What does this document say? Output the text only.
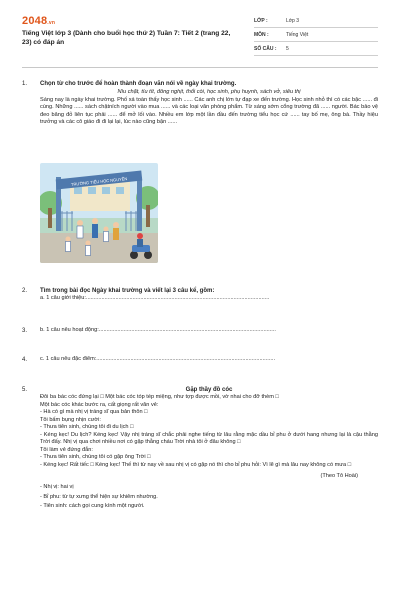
2048.vn
Tiếng Việt lớp 3 (Dành cho buổi học thứ 2) Tuần 7: Tiết 2 (trang 22, 23) có đáp án
LỚP :	Lớp 3
MÔN :	Tiếng Việt
SỐ CÂU :	5
1. Chọn từ cho trước để hoàn thành đoạn văn nói về ngày khai trường.
Nìu chặt, tíu tít, đông nghịt, thổi còi, học sinh, phụ huynh, sách vở, siêu thị
Sáng nay là ngày khai trường. Phố xá toàn thấy học sinh ...... Các anh chị lớn tự đạp xe đến trường. Học sinh nhỏ thì có các bậc ...... đi cùng. Những ...... sách chậtních người vào mua ...... và các loại văn phòng phẩm. Từ sáng sớm cổng trường đã ...... người. Bác bảo vệ đeo băng đỏ liên tục phải ...... để mở lối vào. Nhiều em lớp một lần đầu đến trường tiểu học cứ ...... tay bố mẹ, ông bà. Thầy hiệu trưởng và các cô giáo đi đi lại lại, lúc nào cũng bận ......
TRƯỜNG TIỂU HỌC NGUYỄN
2. Tìm trong bài đọc Ngày khai trường và viết lại 3 câu kể, gồm:
a. 1 câu giới thiệu:......................................................................................................................
3. b. 1 câu nêu hoạt động:..................................................................................................................
4. c. 1 câu nêu đặc điểm:...................................................................................................................
5.	Gặp thầy đồ cóc
Đôi ba bác cóc đứng lại □ Một bác cóc tóp tép miệng, như tợp được mồi, vờ nhai cho đỡ thèm □
Một bác cóc khác bước ra, cất giọng rất văn vẻ:
- Hà có gì mà nhị vị tráng sĩ qua bản thôn □
Tôi bấm bụng nhịn cười:
- Thưa tiên sinh, chúng tôi đi du lịch □
- Kéng kẹc! Du lịch? Kéng kẹc! Vậy nhị tráng sĩ chắc phải nghe tiếng từ lâu rằng mặc dầu bỉ phu ở dưới hang nhưng lại là cậu thằng Trời đấy. Nhị vị qua chơi nhiều nơi có gặp thằng cháu Trời nhà tôi ở đâu không □
Tôi làm vẻ đứng đắn:
- Thưa tiên sinh, chúng tôi có gặp ông Trời □
- Kéng kẹc! Rất tiếc □ Kéng kẹc! Thế thì từ nay về sau nhị vị có gặp nó thì cho bỉ phu hỏi: Vì lẽ gì mà lâu nay không có mưa □
(Theo Tô Hoài)
- Nhị vị: hai vị
- Bỉ phu: từ tự xưng thể hiện sự khiêm nhường.
- Tiên sinh: cách gọi cung kính một người.
